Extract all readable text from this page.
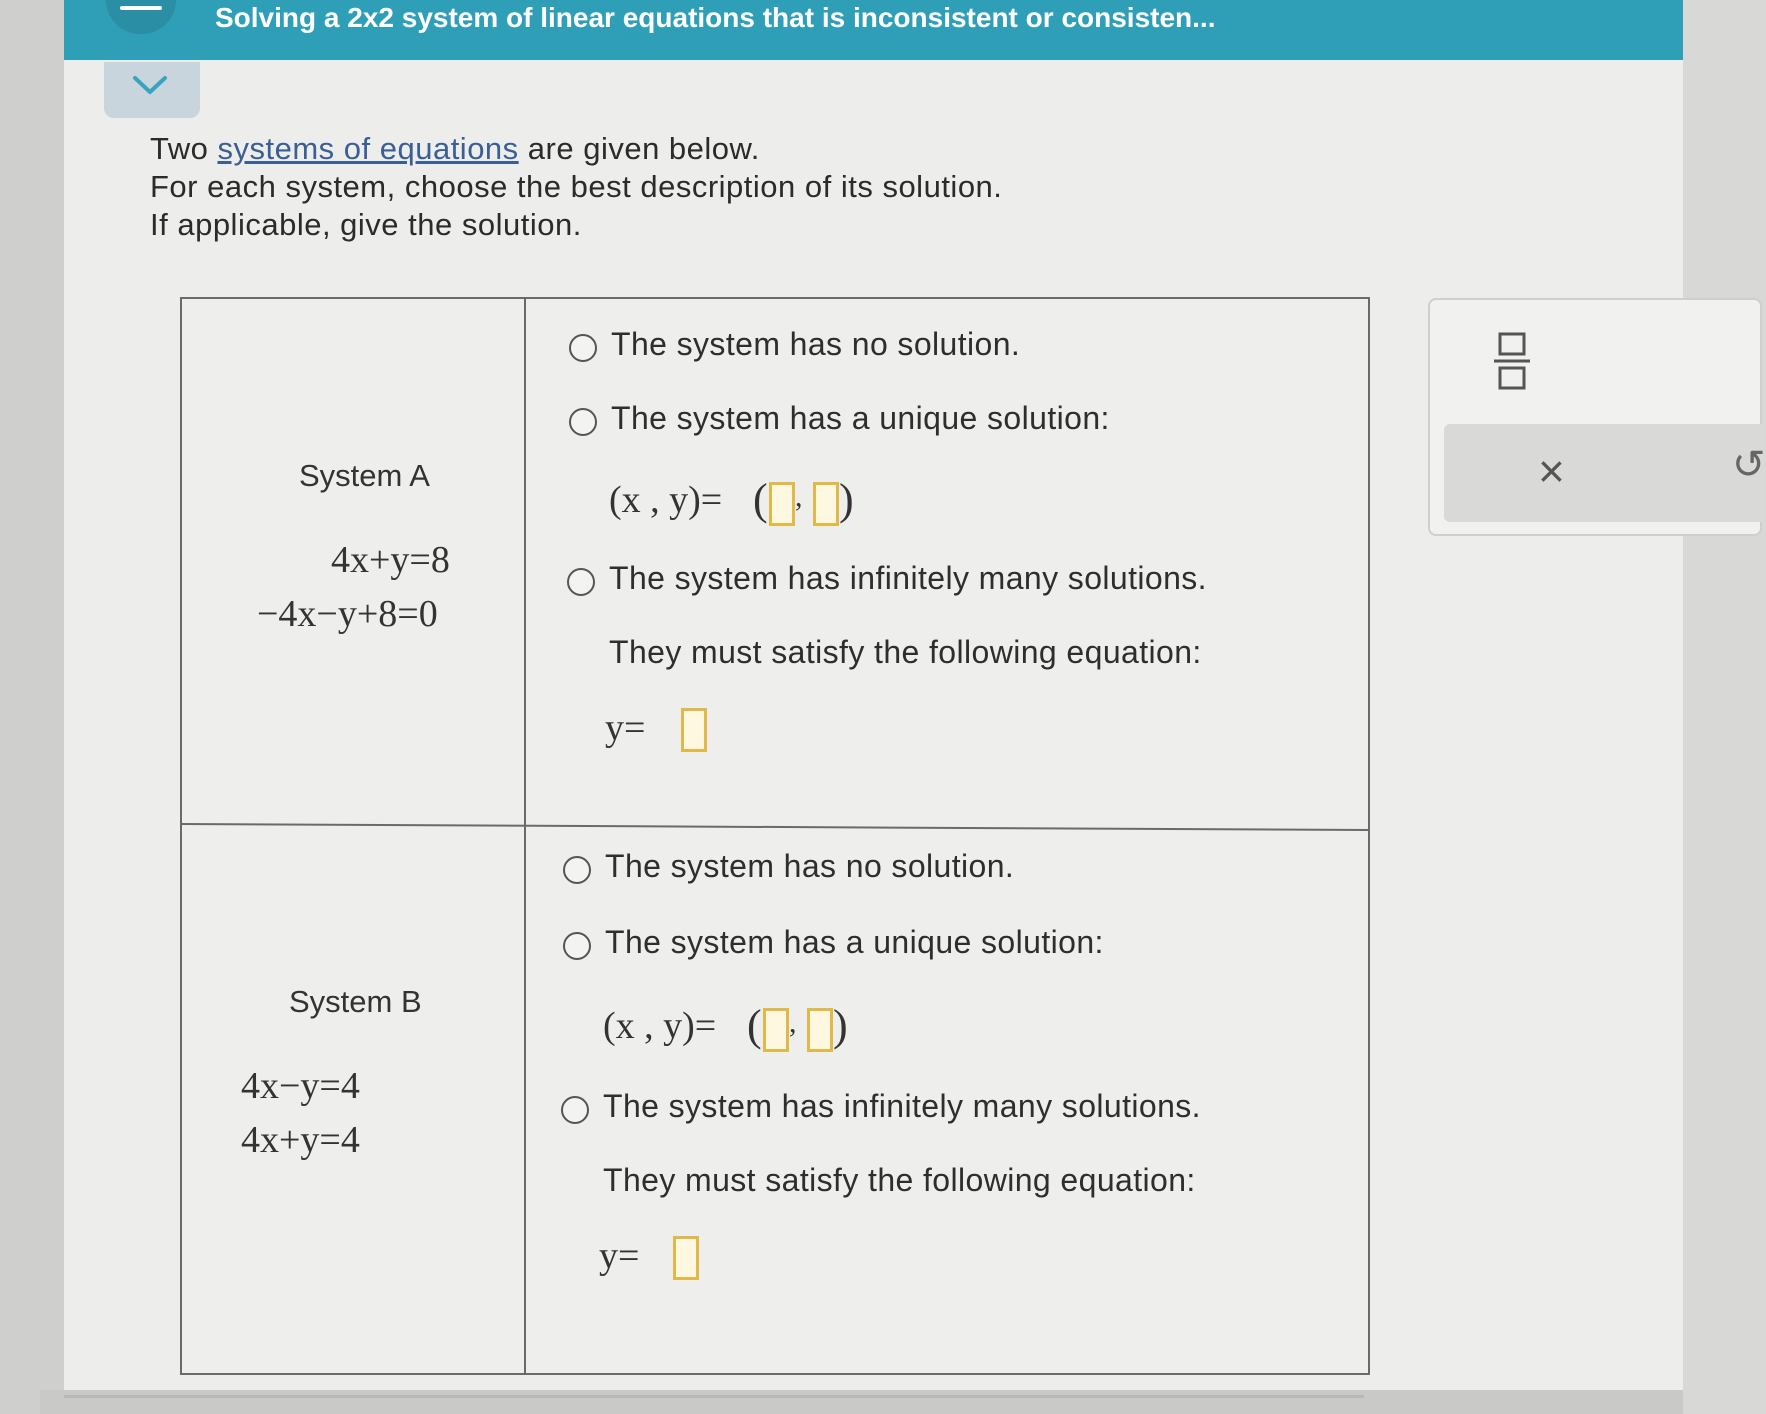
Solving a 2x2 system of linear equations that is inconsistent or consisten...
Two systems of equations are given below.
For each system, choose the best description of its solution.
If applicable, give the solution.
System A
4x+y=8
−4x−y+8=0
The system has no solution.
The system has a unique solution:
(x , y)= ( , )
The system has infinitely many solutions.
They must satisfy the following equation:
y=
System B
4x−y=4
4x+y=4
The system has no solution.
The system has a unique solution:
(x , y)= ( , )
The system has infinitely many solutions.
They must satisfy the following equation:
y=
×	↺
